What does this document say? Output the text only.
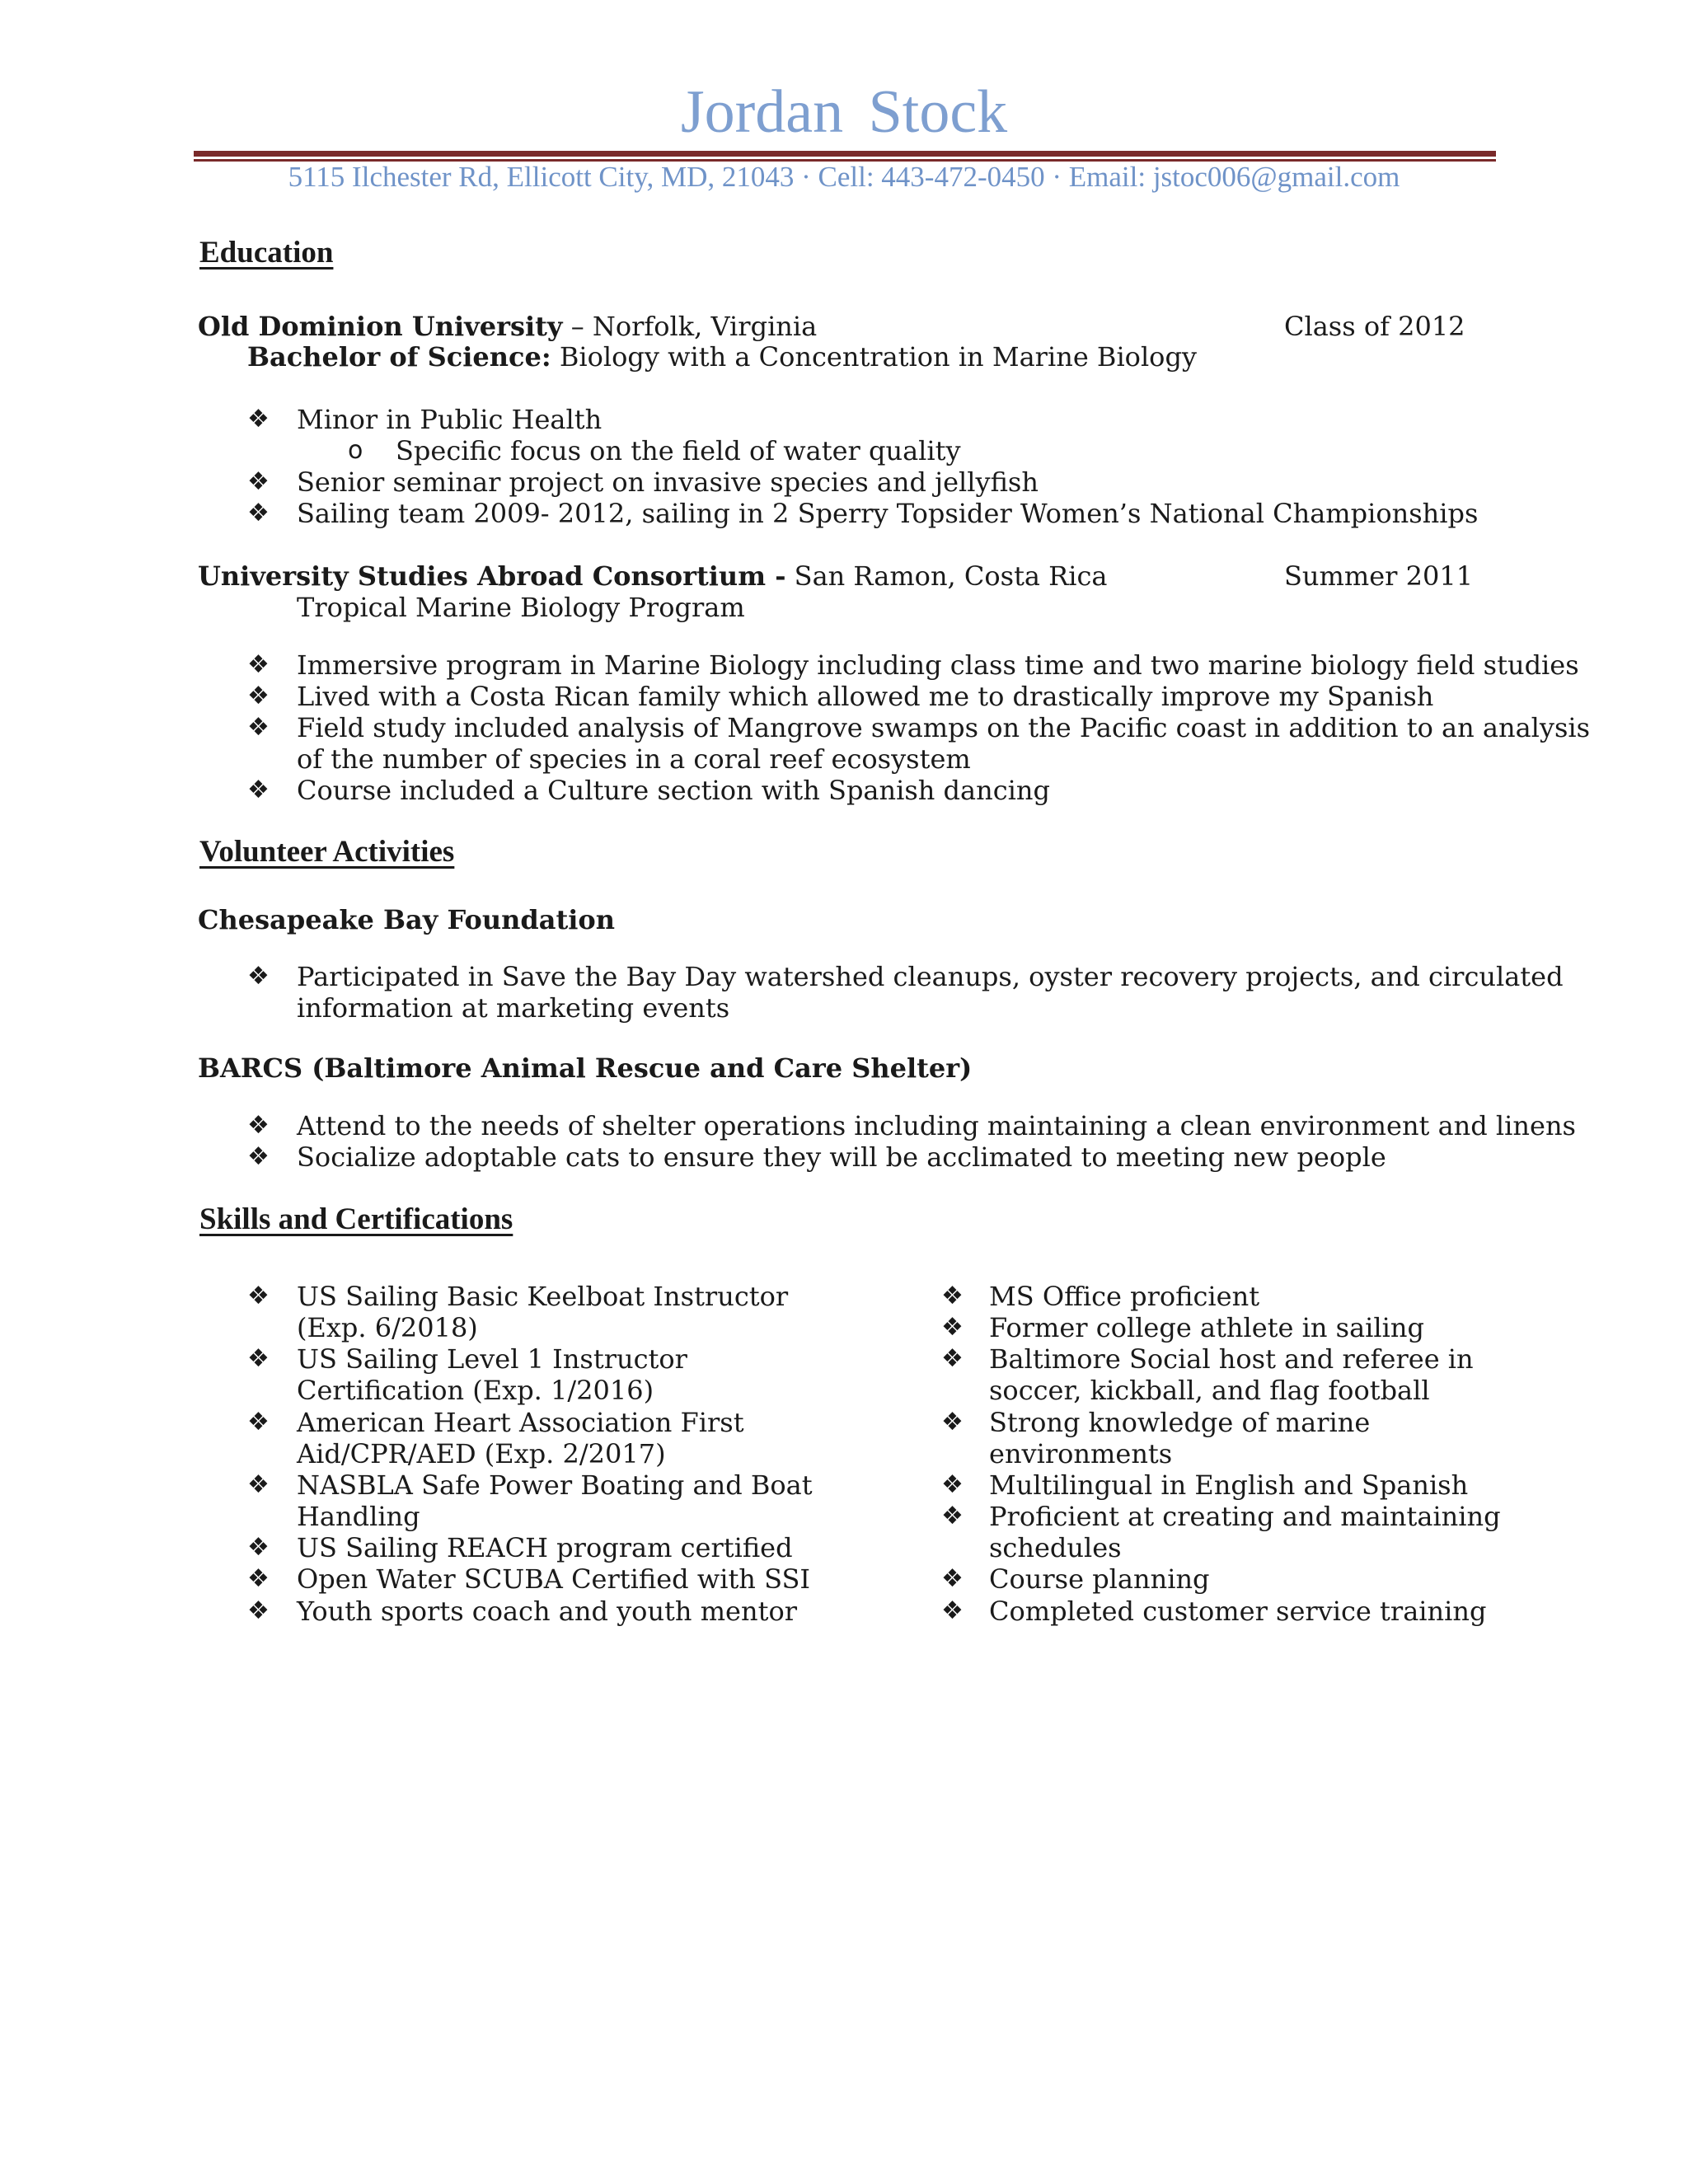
Jordan Stock
5115 Ilchester Rd, Ellicott City, MD, 21043 · Cell: 443-472-0450 · Email: jstoc006@gmail.com
Education
Old Dominion University – Norfolk, Virginia	Class of 2012
Bachelor of Science: Biology with a Concentration in Marine Biology
❖ Minor in Public Health
o Specific focus on the field of water quality
❖ Senior seminar project on invasive species and jellyfish
❖ Sailing team 2009- 2012, sailing in 2 Sperry Topsider Women’s National Championships
University Studies Abroad Consortium - San Ramon, Costa Rica	Summer 2011
Tropical Marine Biology Program
❖ Immersive program in Marine Biology including class time and two marine biology field studies
❖ Lived with a Costa Rican family which allowed me to drastically improve my Spanish
❖ Field study included analysis of Mangrove swamps on the Pacific coast in addition to an analysis
of the number of species in a coral reef ecosystem
❖ Course included a Culture section with Spanish dancing
Volunteer Activities
Chesapeake Bay Foundation
❖ Participated in Save the Bay Day watershed cleanups, oyster recovery projects, and circulated
information at marketing events
BARCS (Baltimore Animal Rescue and Care Shelter)
❖ Attend to the needs of shelter operations including maintaining a clean environment and linens
❖ Socialize adoptable cats to ensure they will be acclimated to meeting new people
Skills and Certifications
❖ US Sailing Basic Keelboat Instructor
(Exp. 6/2018)
❖ US Sailing Level 1 Instructor
Certification (Exp. 1/2016)
❖ American Heart Association First
Aid/CPR/AED (Exp. 2/2017)
❖ NASBLA Safe Power Boating and Boat
Handling
❖ US Sailing REACH program certified
❖ Open Water SCUBA Certified with SSI
❖ Youth sports coach and youth mentor
❖ MS Office proficient
❖ Former college athlete in sailing
❖ Baltimore Social host and referee in
soccer, kickball, and flag football
❖ Strong knowledge of marine
environments
❖ Multilingual in English and Spanish
❖ Proficient at creating and maintaining
schedules
❖ Course planning
❖ Completed customer service training
